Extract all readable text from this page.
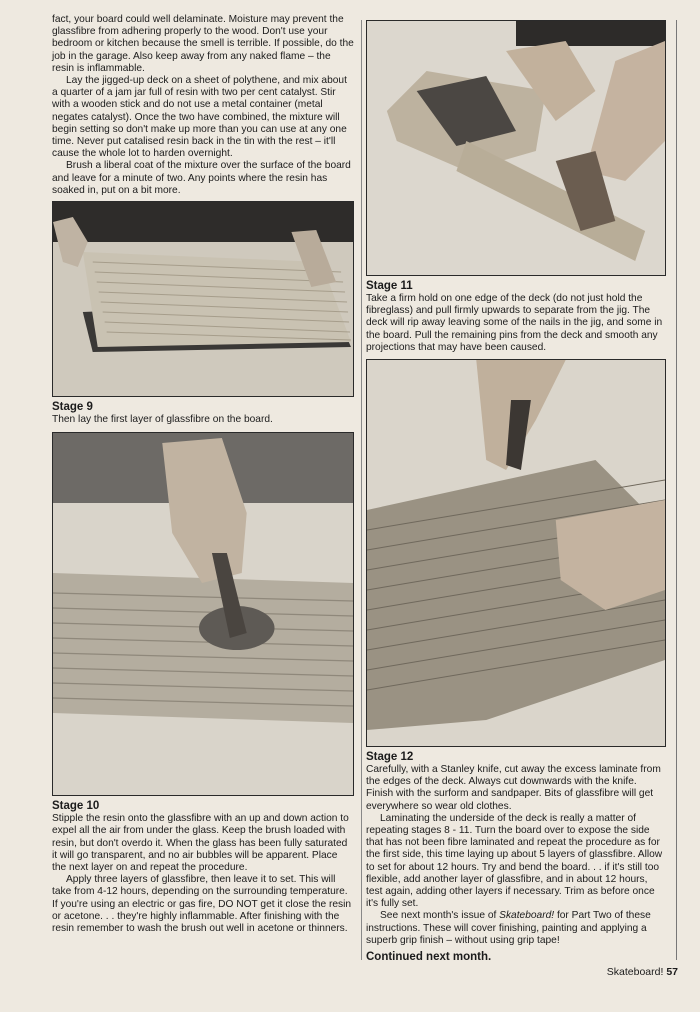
fact, your board could well delaminate. Moisture may prevent the glassfibre from adhering properly to the wood. Don't use your bedroom or kitchen because the smell is terrible. If possible, do the job in the garage. Also keep away from any naked flame – the resin is inflammable.

Lay the jigged-up deck on a sheet of polythene, and mix about a quarter of a jam jar full of resin with two per cent catalyst. Stir with a wooden stick and do not use a metal container (metal negates catalyst). Once the two have combined, the mixture will begin setting so don't make up more than you can use at any one time. Never put catalised resin back in the tin with the rest – it'll cause the whole lot to harden overnight.

Brush a liberal coat of the mixture over the surface of the board and leave for a minute of two. Any points where the resin has soaked in, put on a bit more.

Stage 9

Then lay the first layer of glassfibre on the board.

Stage 10

Stipple the resin onto the glassfibre with an up and down action to expel all the air from under the glass. Keep the brush loaded with resin, but don't overdo it. When the glass has been fully saturated it will go transparent, and no air bubbles will be apparent. Place the next layer on and repeat the procedure.

Apply three layers of glassfibre, then leave it to set. This will take from 4-12 hours, depending on the surrounding temperature. If you're using an electric or gas fire, DO NOT get it close the resin or acetone. . . they're highly inflammable. After finishing with the resin remember to wash the brush out well in acetone or thinners.

Stage 11

Take a firm hold on one edge of the deck (do not just hold the fibreglass) and pull firmly upwards to separate from the jig. The deck will rip away leaving some of the nails in the jig, and some in the board. Pull the remaining pins from the deck and smooth any projections that may have been caused.

Stage 12

Carefully, with a Stanley knife, cut away the excess laminate from the edges of the deck. Always cut downwards with the knife. Finish with the surform and sandpaper. Bits of glassfibre will get everywhere so wear old clothes.

Laminating the underside of the deck is really a matter of repeating stages 8 - 11. Turn the board over to expose the side that has not been fibre laminated and repeat the procedure as for the first side, this time laying up about 5 layers of glassfibre. Allow to set for about 12 hours. Try and bend the board. . . if it's still too flexible, add another layer of glassfibre, and in about 12 hours, test again, adding other layers if necessary. Trim as before once it's fully set.

See next month's issue of Skateboard! for Part Two of these instructions. These will cover finishing, painting and applying a superb grip finish – without using grip tape!

Continued next month.
Skateboard! 57
